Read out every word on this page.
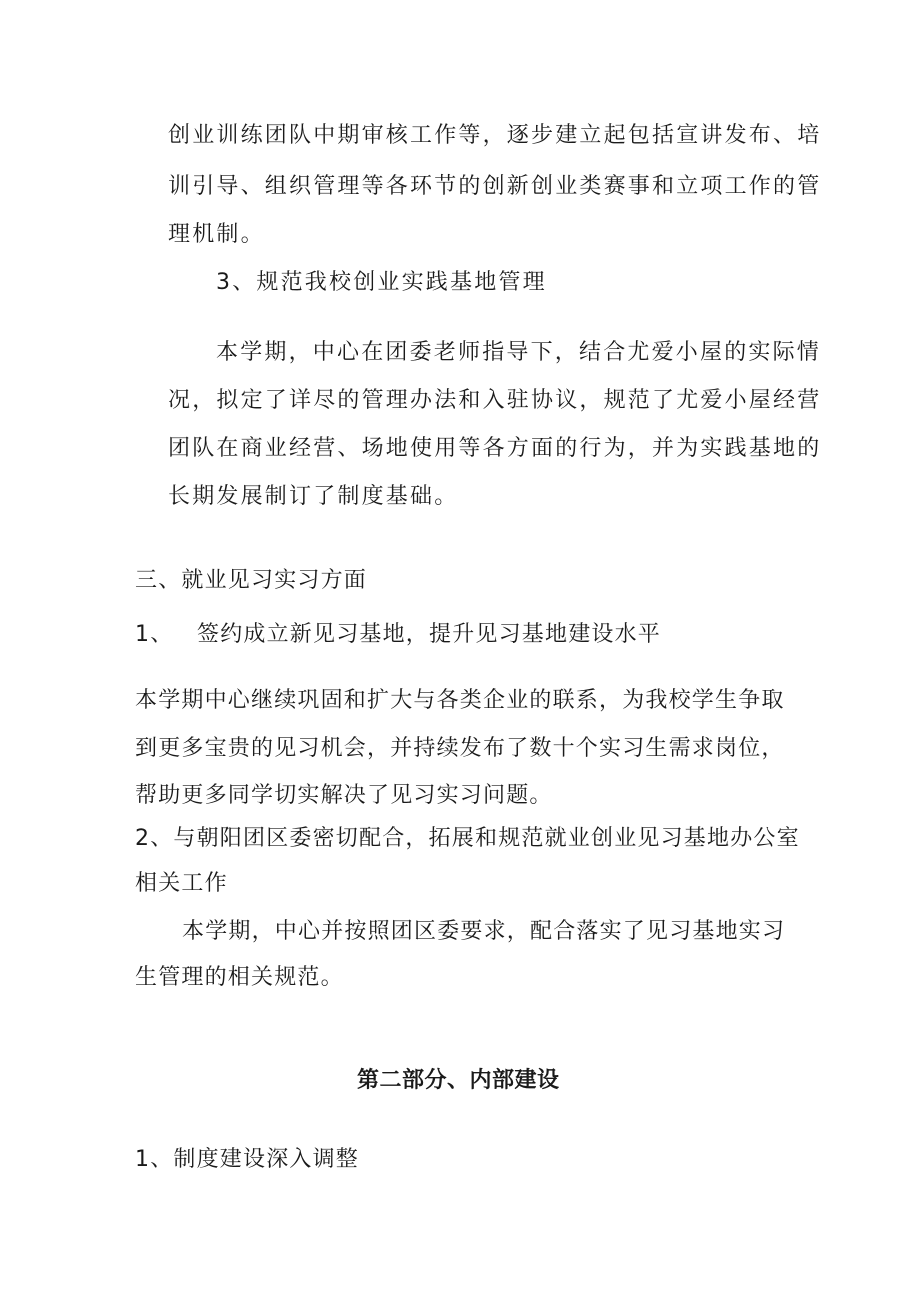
创业训练团队中期审核工作等，逐步建立起包括宣讲发布、培
训引导、组织管理等各环节的创新创业类赛事和立项工作的管
理机制。
3、规范我校创业实践基地管理
本学期，中心在团委老师指导下，结合尤爱小屋的实际情
况，拟定了详尽的管理办法和入驻协议，规范了尤爱小屋经营
团队在商业经营、场地使用等各方面的行为，并为实践基地的
长期发展制订了制度基础。
三、就业见习实习方面
1、 签约成立新见习基地，提升见习基地建设水平
本学期中心继续巩固和扩大与各类企业的联系，为我校学生争取
到更多宝贵的见习机会，并持续发布了数十个实习生需求岗位，
帮助更多同学切实解决了见习实习问题。
2、与朝阳团区委密切配合，拓展和规范就业创业见习基地办公室
相关工作
本学期，中心并按照团区委要求，配合落实了见习基地实习
生管理的相关规范。
第二部分、内部建设
1、制度建设深入调整
